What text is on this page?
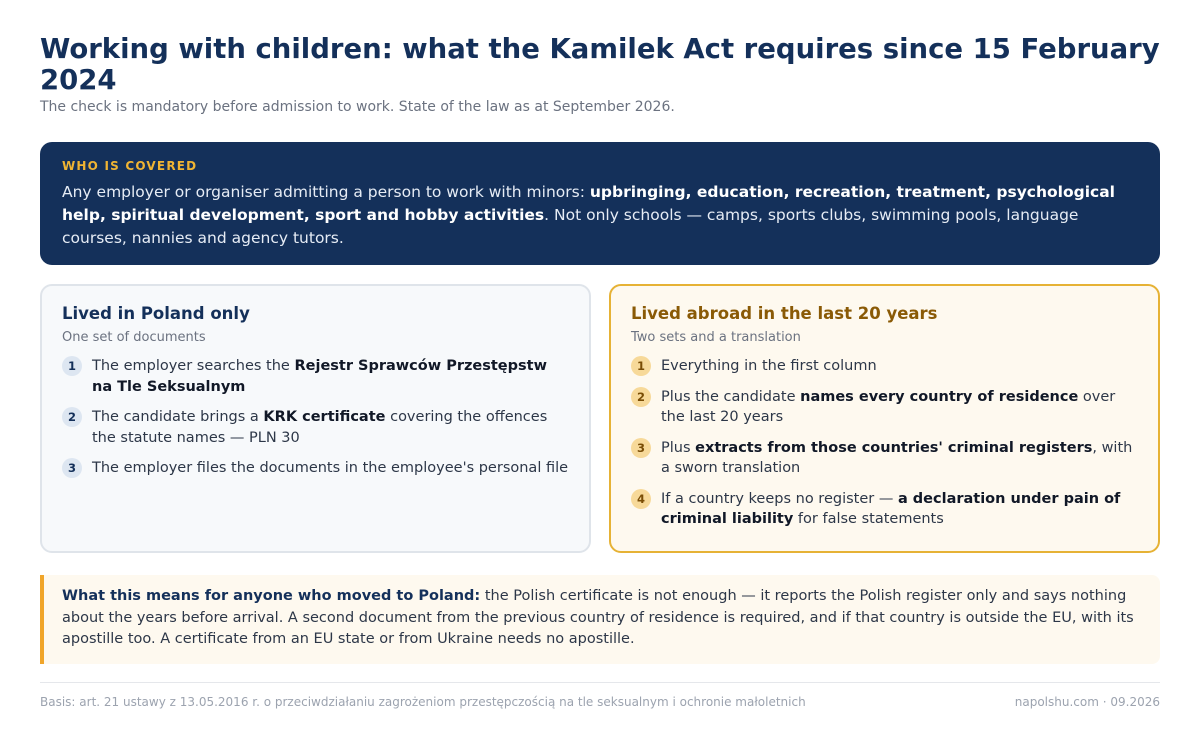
Working with children: what the Kamilek Act requires since 15 February 2024
The check is mandatory before admission to work. State of the law as at September 2026.
WHO IS COVERED

Any employer or organiser admitting a person to work with minors: upbringing, education, recreation, treatment, psychological help, spiritual development, sport and hobby activities. Not only schools — camps, sports clubs, swimming pools, language courses, nannies and agency tutors.

Lived in Poland only
One set of documents
1	The employer searches the Rejestr Sprawców Przestępstw na Tle Seksualnym
2	The candidate brings a KRK certificate covering the offences the statute names — PLN 30
3	The employer files the documents in the employee's personal file
Lived abroad in the last 20 years
Two sets and a translation
1	Everything in the first column
2	Plus the candidate names every country of residence over the last 20 years
3	Plus extracts from those countries' criminal registers, with a sworn translation
4	If a country keeps no register — a declaration under pain of criminal liability for false statements

What this means for anyone who moved to Poland: the Polish certificate is not enough — it reports the Polish register only and says nothing about the years before arrival. A second document from the previous country of residence is required, and if that country is outside the EU, with its apostille too. A certificate from an EU state or from Ukraine needs no apostille.

Basis: art. 21 ustawy z 13.05.2016 r. o przeciwdziałaniu zagrożeniom przestępczością na tle seksualnym i ochronie małoletnich	napolshu.com · 09.2026
